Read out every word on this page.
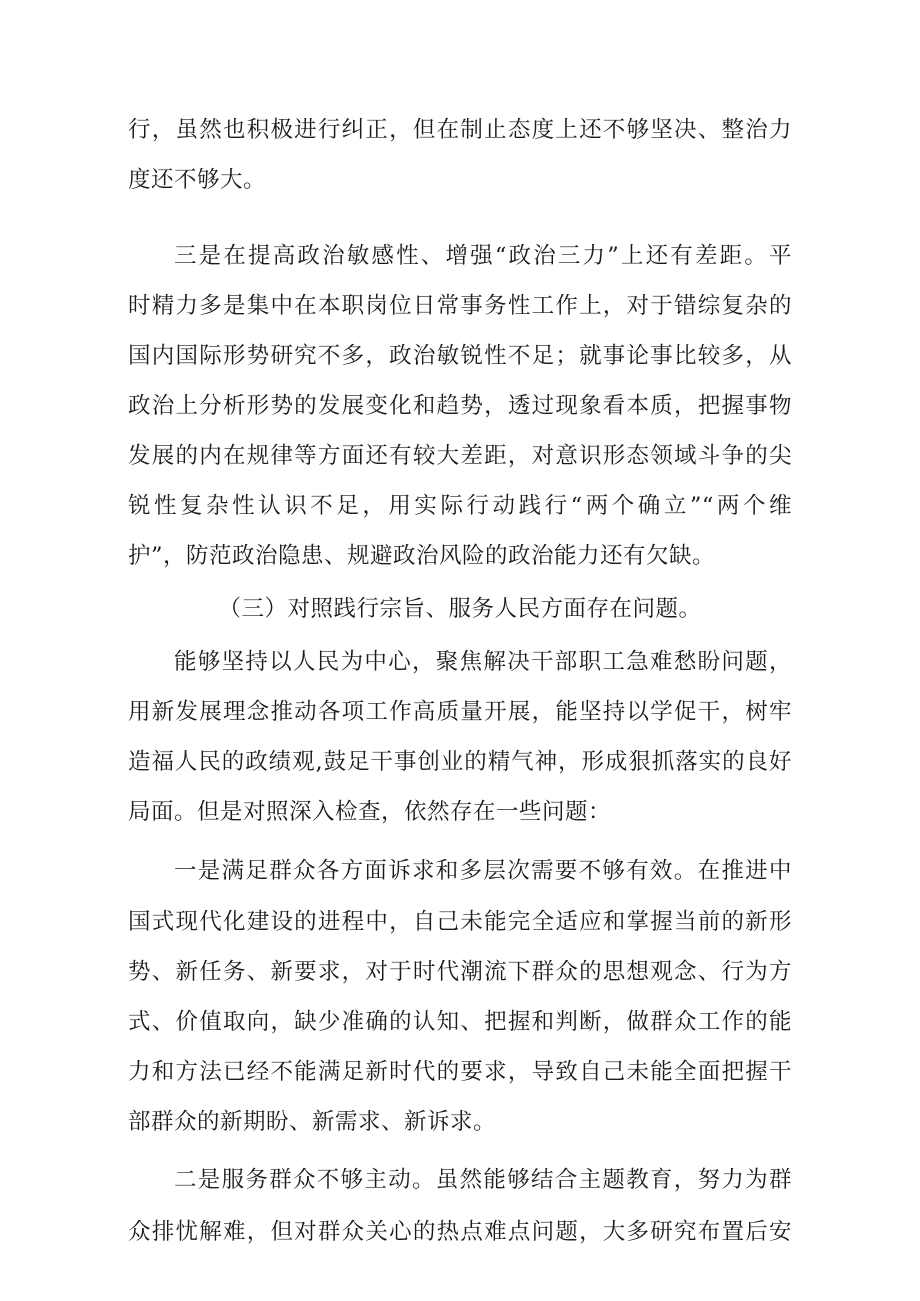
行，虽然也积极进行纠正，但在制止态度上还不够坚决、整治力
度还不够大。
三是在提高政治敏感性、增强“政治三力”上还有差距。平
时精力多是集中在本职岗位日常事务性工作上，对于错综复杂的
国内国际形势研究不多，政治敏锐性不足；就事论事比较多，从
政治上分析形势的发展变化和趋势，透过现象看本质，把握事物
发展的内在规律等方面还有较大差距，对意识形态领域斗争的尖
锐性复杂性认识不足，用实际行动践行“两个确立”“两个维
护”，防范政治隐患、规避政治风险的政治能力还有欠缺。
（三）对照践行宗旨、服务人民方面存在问题。
能够坚持以人民为中心，聚焦解决干部职工急难愁盼问题，
用新发展理念推动各项工作高质量开展，能坚持以学促干，树牢
造福人民的政绩观,鼓足干事创业的精气神，形成狠抓落实的良好
局面。但是对照深入检查，依然存在一些问题：
一是满足群众各方面诉求和多层次需要不够有效。在推进中
国式现代化建设的进程中，自己未能完全适应和掌握当前的新形
势、新任务、新要求，对于时代潮流下群众的思想观念、行为方
式、价值取向，缺少准确的认知、把握和判断，做群众工作的能
力和方法已经不能满足新时代的要求，导致自己未能全面把握干
部群众的新期盼、新需求、新诉求。
二是服务群众不够主动。虽然能够结合主题教育，努力为群
众排忧解难，但对群众关心的热点难点问题，大多研究布置后安
